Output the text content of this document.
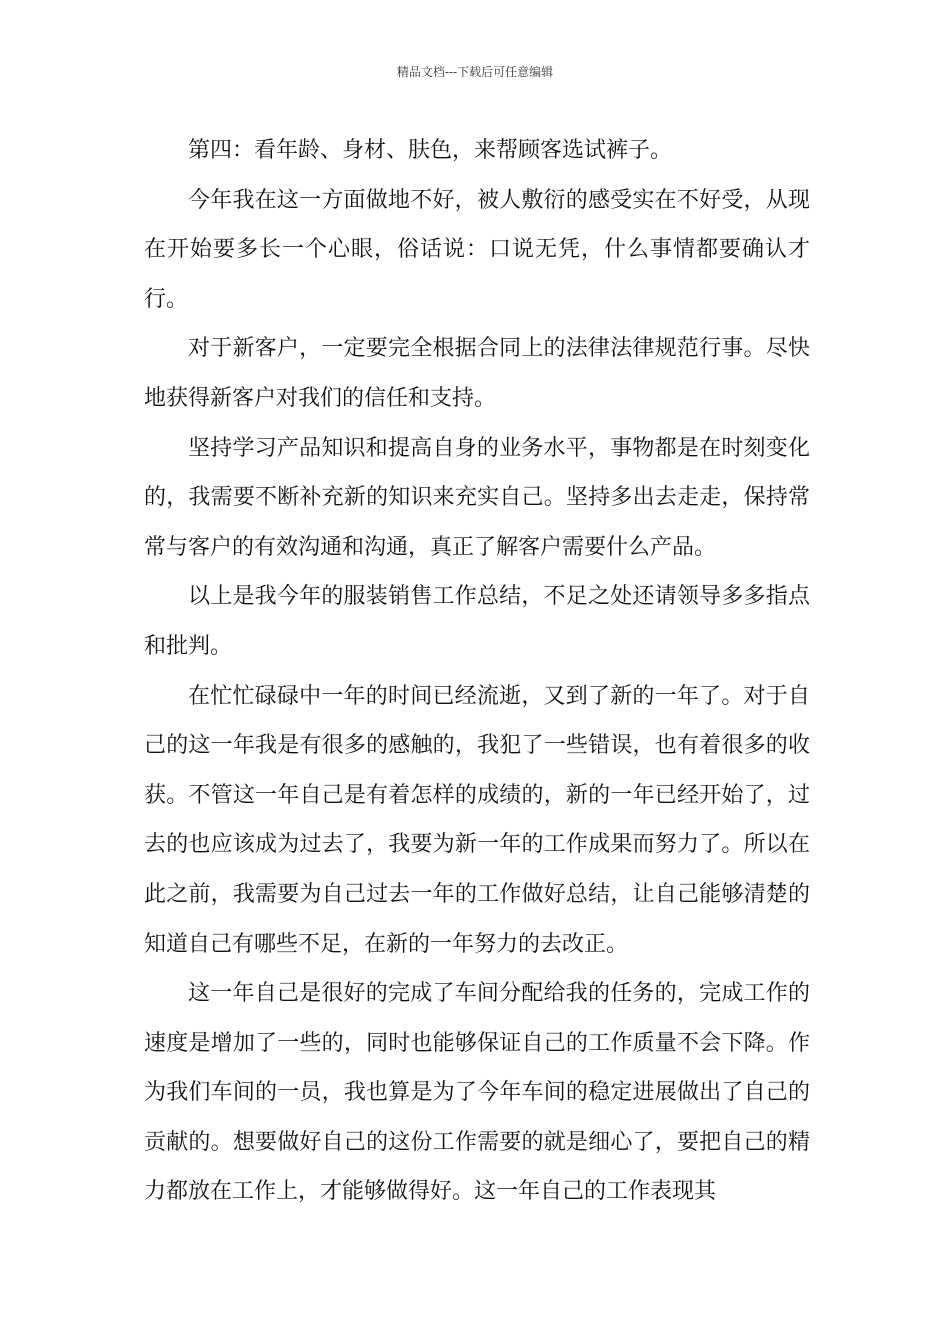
精品文档---下载后可任意编辑

第四：看年龄、身材、肤色，来帮顾客选试裤子。

今年我在这一方面做地不好，被人敷衍的感受实在不好受，从现在开始要多长一个心眼，俗话说：口说无凭，什么事情都要确认才行。

对于新客户，一定要完全根据合同上的法律法律规范行事。尽快地获得新客户对我们的信任和支持。

坚持学习产品知识和提高自身的业务水平，事物都是在时刻变化的，我需要不断补充新的知识来充实自己。坚持多出去走走，保持常常与客户的有效沟通和沟通，真正了解客户需要什么产品。

以上是我今年的服装销售工作总结，不足之处还请领导多多指点和批判。

在忙忙碌碌中一年的时间已经流逝，又到了新的一年了。对于自己的这一年我是有很多的感触的，我犯了一些错误，也有着很多的收获。不管这一年自己是有着怎样的成绩的，新的一年已经开始了，过去的也应该成为过去了，我要为新一年的工作成果而努力了。所以在此之前，我需要为自己过去一年的工作做好总结，让自己能够清楚的知道自己有哪些不足，在新的一年努力的去改正。

这一年自己是很好的完成了车间分配给我的任务的，完成工作的速度是增加了一些的，同时也能够保证自己的工作质量不会下降。作为我们车间的一员，我也算是为了今年车间的稳定进展做出了自己的贡献的。想要做好自己的这份工作需要的就是细心了，要把自己的精力都放在工作上，才能够做得好。这一年自己的工作表现其
